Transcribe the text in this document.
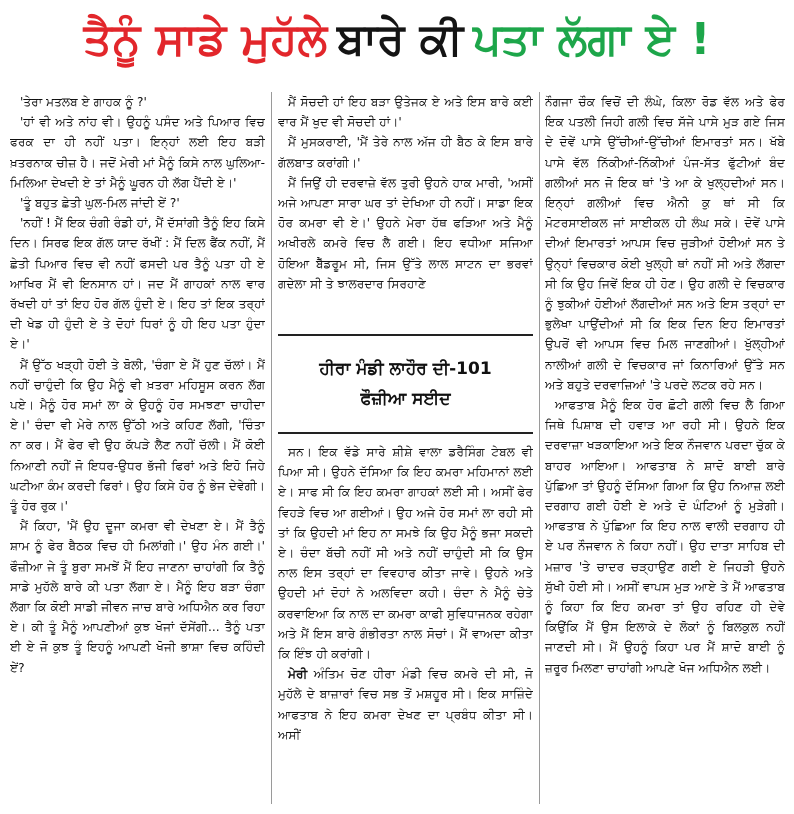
ਤੈਨੂੰ ਸਾਡੇ ਮੁਹੱਲੇ ਬਾਰੇ ਕੀ ਪਤਾ ਲੱਗਾ ਏ !

'ਤੇਰਾ ਮਤਲਬ ਏ ਗਾਹਕ ਨੂੰ ?'

'ਹਾਂ ਵੀ ਅਤੇ ਨਾਂਹ ਵੀ। ਉਹਨੂੰ ਪਸੰਦ ਅਤੇ ਪਿਆਰ ਵਿਚ ਫਰਕ ਦਾ ਹੀ ਨਹੀਂ ਪਤਾ। ਇਨ੍ਹਾਂ ਲਈ ਇਹ ਬੜੀ ਖ਼ਤਰਨਾਕ ਚੀਜ਼ ਹੈ। ਜਦੋਂ ਮੇਰੀ ਮਾਂ ਮੈਨੂੰ ਕਿਸੇ ਨਾਲ ਘੁਲਿਆ-ਮਿਲਿਆ ਦੇਖਦੀ ਏ ਤਾਂ ਮੈਨੂੰ ਘੂਰਨ ਹੀ ਲੱਗ ਪੈਂਦੀ ਏ।'

'ਤੂੰ ਬਹੁਤ ਛੇਤੀ ਘੁਲ-ਮਿਲ ਜਾਂਦੀ ਏਂ ?'

'ਨਹੀਂ ! ਮੈਂ ਇਕ ਚੰਗੀ ਰੰਡੀ ਹਾਂ, ਮੈਂ ਦੱਸਾਂਗੀ ਤੈਨੂੰ ਇਹ ਕਿਸੇ ਦਿਨ। ਸਿਰਫ ਇਕ ਗੱਲ ਯਾਦ ਰੱਖੀਂ : ਮੈਂ ਦਿਲ ਫੈਂਕ ਨਹੀਂ, ਮੈਂ ਛੇਤੀ ਪਿਆਰ ਵਿਚ ਵੀ ਨਹੀਂ ਫਸਦੀ ਪਰ ਤੈਨੂੰ ਪਤਾ ਹੀ ਏ ਆਖਿਰ ਮੈਂ ਵੀ ਇਨਸਾਨ ਹਾਂ। ਜਦ ਮੈਂ ਗਾਹਕਾਂ ਨਾਲ ਵਾਰ ਰੱਖਦੀ ਹਾਂ ਤਾਂ ਇਹ ਹੋਰ ਗੱਲ ਹੁੰਦੀ ਏ। ਇਹ ਤਾਂ ਇਕ ਤਰ੍ਹਾਂ ਦੀ ਖੇਡ ਹੀ ਹੁੰਦੀ ਏ ਤੇ ਦੋਹਾਂ ਧਿਰਾਂ ਨੂੰ ਹੀ ਇਹ ਪਤਾ ਹੁੰਦਾ ਏ।'

ਮੈਂ ਉੱਠ ਖੜ੍ਹੀ ਹੋਈ ਤੇ ਬੋਲੀ, 'ਚੰਗਾ ਏ ਮੈਂ ਹੁਣ ਚੱਲਾਂ। ਮੈਂ ਨਹੀਂ ਚਾਹੁੰਦੀ ਕਿ ਉਹ ਮੈਨੂੰ ਵੀ ਖ਼ਤਰਾ ਮਹਿਸੂਸ ਕਰਨ ਲੱਗ ਪਏ। ਮੈਨੂੰ ਹੋਰ ਸਮਾਂ ਲਾ ਕੇ ਉਹਨੂੰ ਹੋਰ ਸਮਝਣਾ ਚਾਹੀਦਾ ਏ।' ਚੰਦਾ ਵੀ ਮੇਰੇ ਨਾਲ ਉੱਠੀ ਅਤੇ ਕਹਿਣ ਲੱਗੀ, 'ਚਿੰਤਾ ਨਾ ਕਰ। ਮੈਂ ਫੇਰ ਵੀ ਉਹ ਕੱਪੜੇ ਲੈਣ ਨਹੀਂ ਚੱਲੀ। ਮੈਂ ਕੋਈ ਨਿਆਣੀ ਨਹੀਂ ਜੋ ਇਧਰ-ਉਧਰ ਭੱਜੀ ਫਿਰਾਂ ਅਤੇ ਇਹੋ ਜਿਹੇ ਘਟੀਆ ਕੰਮ ਕਰਦੀ ਫਿਰਾਂ। ਉਹ ਕਿਸੇ ਹੋਰ ਨੂੰ ਭੇਜ ਦੇਵੇਗੀ। ਤੂੰ ਹੋਰ ਰੁਕ।'

ਮੈਂ ਕਿਹਾ, 'ਮੈਂ ਉਹ ਦੂਜਾ ਕਮਰਾ ਵੀ ਦੇਖਣਾ ਏ। ਮੈਂ ਤੈਨੂੰ ਸ਼ਾਮ ਨੂੰ ਫੇਰ ਬੈਠਕ ਵਿਚ ਹੀ ਮਿਲਾਂਗੀ।' ਉਹ ਮੰਨ ਗਈ।' ਫੌਜ਼ੀਆ ਜੇ ਤੂੰ ਬੁਰਾ ਸਮਝੇਂ ਮੈਂ ਇਹ ਜਾਣਨਾ ਚਾਹਾਂਗੀ ਕਿ ਤੈਨੂੰ ਸਾਡੇ ਮੁਹੱਲੇ ਬਾਰੇ ਕੀ ਪਤਾ ਲੱਗਾ ਏ। ਮੈਨੂੰ ਇਹ ਬੜਾ ਚੰਗਾ ਲੱਗਾ ਕਿ ਕੋਈ ਸਾਡੀ ਜੀਵਨ ਜਾਚ ਬਾਰੇ ਅਧਿਐਨ ਕਰ ਰਿਹਾ ਏ। ਕੀ ਤੂੰ ਮੈਨੂੰ ਆਪਣੀਆਂ ਕੁਝ ਖੋਜਾਂ ਦੱਸੇਂਗੀ... ਤੈਨੂੰ ਪਤਾ ਈ ਏ ਜੋ ਕੁਝ ਤੂੰ ਇਹਨੂੰ ਆਪਣੀ ਖੋਜੀ ਭਾਸ਼ਾ ਵਿਚ ਕਹਿੰਦੀ ਏਂ?

ਮੈਂ ਸੋਚਦੀ ਹਾਂ ਇਹ ਬੜਾ ਉਤੇਜਕ ਏ ਅਤੇ ਇਸ ਬਾਰੇ ਕਈ ਵਾਰ ਮੈਂ ਖੁਦ ਵੀ ਸੋਚਦੀ ਹਾਂ।'

ਮੈਂ ਮੁਸਕਰਾਈ, 'ਮੈਂ ਤੇਰੇ ਨਾਲ ਅੱਜ ਹੀ ਬੈਠ ਕੇ ਇਸ ਬਾਰੇ ਗੱਲਬਾਤ ਕਰਾਂਗੀ।'

ਮੈਂ ਜਿਉਂ ਹੀ ਦਰਵਾਜ਼ੇ ਵੱਲ ਤੁਰੀ ਉਹਨੇ ਹਾਕ ਮਾਰੀ, 'ਅਸੀਂ ਅਜੇ ਆਪਣਾ ਸਾਰਾ ਘਰ ਤਾਂ ਦੇਖਿਆ ਹੀ ਨਹੀਂ। ਸਾਡਾ ਇਕ ਹੋਰ ਕਮਰਾ ਵੀ ਏ।' ਉਹਨੇ ਮੇਰਾ ਹੱਥ ਫੜਿਆ ਅਤੇ ਮੈਨੂੰ ਅਖੀਰਲੇ ਕਮਰੇ ਵਿਚ ਲੈ ਗਈ। ਇਹ ਵਧੀਆ ਸਜਿਆ ਹੋਇਆ ਬੈੱਡਰੂਮ ਸੀ, ਜਿਸ ਉੱਤੇ ਲਾਲ ਸਾਟਨ ਦਾ ਭਰਵਾਂ ਗਦੇਲਾ ਸੀ ਤੇ ਝਾਲਰਦਾਰ ਸਿਰਹਾਣੇ

ਹੀਰਾ ਮੰਡੀ ਲਾਹੌਰ ਦੀ-101
ਫੌਜ਼ੀਆ ਸਈਦ

ਸਨ। ਇਕ ਵੱਡੇ ਸਾਰੇ ਸ਼ੀਸ਼ੇ ਵਾਲਾ ਡਰੈਸਿੰਗ ਟੇਬਲ ਵੀ ਪਿਆ ਸੀ। ਉਹਨੇ ਦੱਸਿਆ ਕਿ ਇਹ ਕਮਰਾ ਮਹਿਮਾਨਾਂ ਲਈ ਏ। ਸਾਫ ਸੀ ਕਿ ਇਹ ਕਮਰਾ ਗਾਹਕਾਂ ਲਈ ਸੀ। ਅਸੀਂ ਫੇਰ ਵਿਹੜੇ ਵਿਚ ਆ ਗਈਆਂ। ਉਹ ਅਜੇ ਹੋਰ ਸਮਾਂ ਲਾ ਰਹੀ ਸੀ ਤਾਂ ਕਿ ਉਹਦੀ ਮਾਂ ਇਹ ਨਾ ਸਮਝੇ ਕਿ ਉਹ ਮੈਨੂੰ ਭਜਾ ਸਕਦੀ ਏ। ਚੰਦਾ ਬੱਚੀ ਨਹੀਂ ਸੀ ਅਤੇ ਨਹੀਂ ਚਾਹੁੰਦੀ ਸੀ ਕਿ ਉਸ ਨਾਲ ਇਸ ਤਰ੍ਹਾਂ ਦਾ ਵਿਵਹਾਰ ਕੀਤਾ ਜਾਵੇ। ਉਹਨੇ ਅਤੇ ਉਹਦੀ ਮਾਂ ਦੋਹਾਂ ਨੇ ਅਲਵਿਦਾ ਕਹੀ। ਚੰਦਾ ਨੇ ਮੈਨੂੰ ਚੇਤੇ ਕਰਵਾਇਆ ਕਿ ਨਾਲ ਦਾ ਕਮਰਾ ਕਾਫੀ ਸੁਵਿਧਾਜਨਕ ਰਹੇਗਾ ਅਤੇ ਮੈਂ ਇਸ ਬਾਰੇ ਗੰਭੀਰਤਾ ਨਾਲ ਸੋਚਾਂ। ਮੈਂ ਵਾਅਦਾ ਕੀਤਾ ਕਿ ਇੰਝ ਹੀ ਕਰਾਂਗੀ।

ਮੇਰੀ ਅੰਤਿਮ ਚੋਣ ਹੀਰਾ ਮੰਡੀ ਵਿਚ ਕਮਰੇ ਦੀ ਸੀ, ਜੋ ਮੁਹੱਲੇ ਦੇ ਬਾਜ਼ਾਰਾਂ ਵਿਚ ਸਭ ਤੋਂ ਮਸ਼ਹੂਰ ਸੀ। ਇਕ ਸਾਜ਼ਿੰਦੇ ਆਫਤਾਬ ਨੇ ਇਹ ਕਮਰਾ ਦੇਖਣ ਦਾ ਪ੍ਰਬੰਧ ਕੀਤਾ ਸੀ। ਅਸੀਂ

ਨੌਗਜਾ ਚੌਕ ਵਿਚੋਂ ਦੀ ਲੰਘੇ, ਕਿਲਾ ਰੋਡ ਵੱਲ ਅਤੇ ਫੇਰ ਇਕ ਪਤਲੀ ਜਿਹੀ ਗਲੀ ਵਿਚ ਸੱਜੇ ਪਾਸੇ ਮੁੜ ਗਏ ਜਿਸ ਦੇ ਦੋਵੇਂ ਪਾਸੇ ਉੱਚੀਆਂ-ਉੱਚੀਆਂ ਇਮਾਰਤਾਂ ਸਨ। ਖੱਬੇ ਪਾਸੇ ਵੱਲ ਨਿੱਕੀਆਂ-ਨਿੱਕੀਆਂ ਪੰਜ-ਸੱਤ ਫੁੱਟੀਆਂ ਬੰਦ ਗਲੀਆਂ ਸਨ ਜੋ ਇਕ ਥਾਂ 'ਤੇ ਆ ਕੇ ਖੁਲ੍ਹਦੀਆਂ ਸਨ। ਇਨ੍ਹਾਂ ਗਲੀਆਂ ਵਿਚ ਐਨੀ ਕੁ ਥਾਂ ਸੀ ਕਿ ਮੋਟਰਸਾਈਕਲ ਜਾਂ ਸਾਈਕਲ ਹੀ ਲੰਘ ਸਕੇ। ਦੋਵੇਂ ਪਾਸੇ ਦੀਆਂ ਇਮਾਰਤਾਂ ਆਪਸ ਵਿਚ ਜੁੜੀਆਂ ਹੋਈਆਂ ਸਨ ਤੇ ਉਨ੍ਹਾਂ ਵਿਚਕਾਰ ਕੋਈ ਖੁਲ੍ਹੀ ਥਾਂ ਨਹੀਂ ਸੀ ਅਤੇ ਲੱਗਦਾ ਸੀ ਕਿ ਉਹ ਜਿਵੇਂ ਇਕ ਹੀ ਹੋਣ। ਉਹ ਗਲੀ ਦੇ ਵਿਚਕਾਰ ਨੂੰ ਝੁਕੀਆਂ ਹੋਈਆਂ ਲੱਗਦੀਆਂ ਸਨ ਅਤੇ ਇਸ ਤਰ੍ਹਾਂ ਦਾ ਭੁਲੇਖਾ ਪਾਉਂਦੀਆਂ ਸੀ ਕਿ ਇਕ ਦਿਨ ਇਹ ਇਮਾਰਤਾਂ ਉਪਰੋਂ ਵੀ ਆਪਸ ਵਿਚ ਮਿਲ ਜਾਣਗੀਆਂ। ਖੁੱਲ੍ਹੀਆਂ ਨਾਲੀਆਂ ਗਲੀ ਦੇ ਵਿਚਕਾਰ ਜਾਂ ਕਿਨਾਰਿਆਂ ਉੱਤੇ ਸਨ ਅਤੇ ਬਹੁਤੇ ਦਰਵਾਜ਼ਿਆਂ 'ਤੇ ਪਰਦੇ ਲਟਕ ਰਹੇ ਸਨ।

ਆਫਤਾਬ ਮੈਨੂੰ ਇਕ ਹੋਰ ਛੋਟੀ ਗਲੀ ਵਿਚ ਲੈ ਗਿਆ ਜਿਥੇ ਪਿਸ਼ਾਬ ਦੀ ਹਵਾੜ ਆ ਰਹੀ ਸੀ। ਉਹਨੇ ਇਕ ਦਰਵਾਜ਼ਾ ਖੜਕਾਇਆ ਅਤੇ ਇਕ ਨੌਜਵਾਨ ਪਰਦਾ ਚੁੱਕ ਕੇ ਬਾਹਰ ਆਇਆ। ਆਫਤਾਬ ਨੇ ਸ਼ਾਦੋ ਬਾਈ ਬਾਰੇ ਪੁੱਛਿਆ ਤਾਂ ਉਹਨੂੰ ਦੱਸਿਆ ਗਿਆ ਕਿ ਉਹ ਨਿਆਜ਼ ਲਈ ਦਰਗਾਹ ਗਈ ਹੋਈ ਏ ਅਤੇ ਦੋ ਘੰਟਿਆਂ ਨੂੰ ਮੁੜੇਗੀ। ਆਫਤਾਬ ਨੇ ਪੁੱਛਿਆ ਕਿ ਇਹ ਨਾਲ ਵਾਲੀ ਦਰਗਾਹ ਹੀ ਏ ਪਰ ਨੌਜਵਾਨ ਨੇ ਕਿਹਾ ਨਹੀਂ। ਉਹ ਦਾਤਾ ਸਾਹਿਬ ਦੀ ਮਜ਼ਾਰ 'ਤੇ ਚਾਦਰ ਚੜ੍ਹਾਉਣ ਗਈ ਏ ਜਿਹੜੀ ਉਹਨੇ ਸੁੱਖੀ ਹੋਈ ਸੀ। ਅਸੀਂ ਵਾਪਸ ਮੁੜ ਆਏ ਤੇ ਮੈਂ ਆਫਤਾਬ ਨੂੰ ਕਿਹਾ ਕਿ ਇਹ ਕਮਰਾ ਤਾਂ ਉਹ ਰਹਿਣ ਹੀ ਦੇਵੇ ਕਿਉਂਕਿ ਮੈਂ ਉਸ ਇਲਾਕੇ ਦੇ ਲੋਕਾਂ ਨੂੰ ਬਿਲਕੁਲ ਨਹੀਂ ਜਾਣਦੀ ਸੀ। ਮੈਂ ਉਹਨੂੰ ਕਿਹਾ ਪਰ ਮੈਂ ਸ਼ਾਦੋ ਬਾਈ ਨੂੰ ਜ਼ਰੂਰ ਮਿਲਣਾ ਚਾਹਾਂਗੀ ਆਪਣੇ ਖੋਜ ਅਧਿਐਨ ਲਈ।
